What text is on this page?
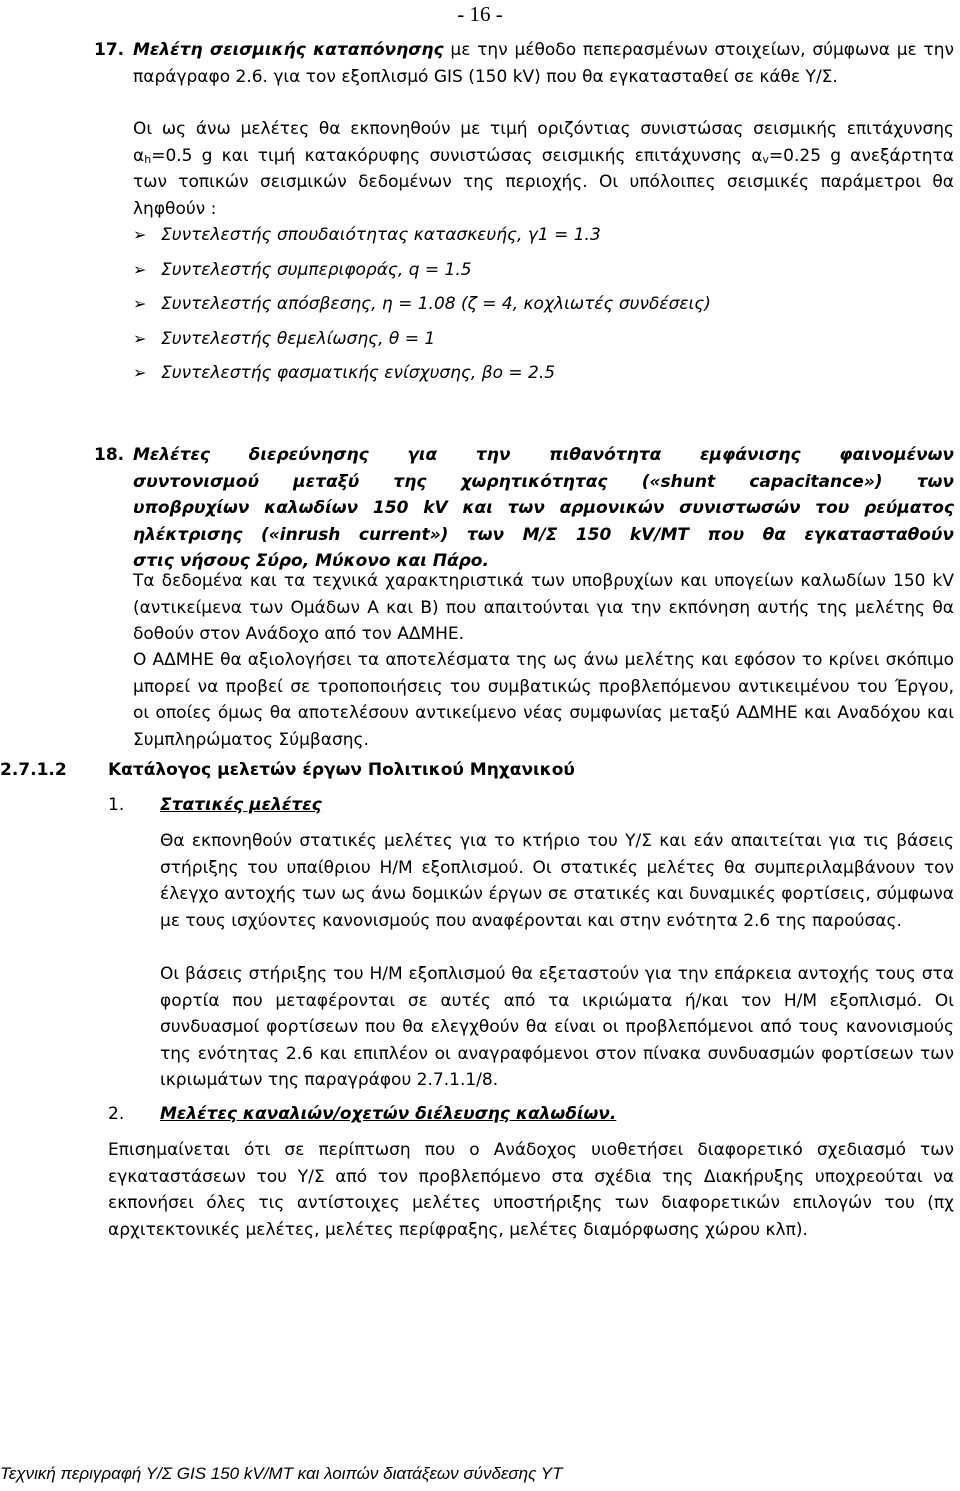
- 16 -
17. Μελέτη σεισμικής καταπόνησης με την μέθοδο πεπερασμένων στοιχείων, σύμφωνα με την παράγραφο 2.6. για τον εξοπλισμό GIS (150 kV) που θα εγκατασταθεί σε κάθε Υ/Σ.
Οι ως άνω μελέτες θα εκπονηθούν με τιμή οριζόντιας συνιστώσας σεισμικής επιτάχυνσης $\alpha_h=0.5$ g και τιμή κατακόρυφης συνιστώσας σεισμικής επιτάχυνσης $\alpha_v=0.25$ g ανεξάρτητα των τοπικών σεισμικών δεδομένων της περιοχής. Οι υπόλοιπες σεισμικές παράμετροι θα ληφθούν :
➢ Συντελεστής σπουδαιότητας κατασκευής, γ1 = 1.3
➢ Συντελεστής συμπεριφοράς, q = 1.5
➢ Συντελεστής απόσβεσης, η = 1.08 (ζ = 4, κοχλιωτές συνδέσεις)
➢ Συντελεστής θεμελίωσης, θ = 1
➢ Συντελεστής φασματικής ενίσχυσης, βο = 2.5
18. Μελέτες διερεύνησης για την πιθανότητα εμφάνισης φαινομένων
συντονισμού μεταξύ της χωρητικότητας («shunt capacitance») των
υποβρυχίων καλωδίων 150 kV και των αρμονικών συνιστωσών του ρεύματος
ηλέκτρισης («inrush current») των Μ/Σ 150 kV/ΜΤ που θα εγκατασταθούν
στις νήσους Σύρο, Μύκονο και Πάρο.
Τα δεδομένα και τα τεχνικά χαρακτηριστικά των υποβρυχίων και υπογείων καλωδίων 150 kV (αντικείμενα των Ομάδων Α και Β) που απαιτούνται για την εκπόνηση αυτής της μελέτης θα δοθούν στον Ανάδοχο από τον ΑΔΜΗΕ.
Ο ΑΔΜΗΕ θα αξιολογήσει τα αποτελέσματα της ως άνω μελέτης και εφόσον το κρίνει σκόπιμο μπορεί να προβεί σε τροποποιήσεις του συμβατικώς προβλεπόμενου αντικειμένου του Έργου, οι οποίες όμως θα αποτελέσουν αντικείμενο νέας συμφωνίας μεταξύ ΑΔΜΗΕ και Αναδόχου και Συμπληρώματος Σύμβασης.
2.7.1.2 Κατάλογος μελετών έργων Πολιτικού Μηχανικού
1. Στατικές μελέτες
Θα εκπονηθούν στατικές μελέτες για το κτήριο του Υ/Σ και εάν απαιτείται για τις βάσεις στήριξης του υπαίθριου Η/Μ εξοπλισμού. Οι στατικές μελέτες θα συμπεριλαμβάνουν τον έλεγχο αντοχής των ως άνω δομικών έργων σε στατικές και δυναμικές φορτίσεις, σύμφωνα με τους ισχύοντες κανονισμούς που αναφέρονται και στην ενότητα 2.6 της παρούσας.
Οι βάσεις στήριξης του Η/Μ εξοπλισμού θα εξεταστούν για την επάρκεια αντοχής τους στα φορτία που μεταφέρονται σε αυτές από τα ικριώματα ή/και τον Η/Μ εξοπλισμό. Οι συνδυασμοί φορτίσεων που θα ελεγχθούν θα είναι οι προβλεπόμενοι από τους κανονισμούς της ενότητας 2.6 και επιπλέον οι αναγραφόμενοι στον πίνακα συνδυασμών φορτίσεων των ικριωμάτων της παραγράφου 2.7.1.1/8.
2. Μελέτες καναλιών/οχετών διέλευσης καλωδίων.
Επισημαίνεται ότι σε περίπτωση που ο Ανάδοχος υιοθετήσει διαφορετικό σχεδιασμό των εγκαταστάσεων του Υ/Σ από τον προβλεπόμενο στα σχέδια της Διακήρυξης υποχρεούται να εκπονήσει όλες τις αντίστοιχες μελέτες υποστήριξης των διαφορετικών επιλογών του (πχ αρχιτεκτονικές μελέτες, μελέτες περίφραξης, μελέτες διαμόρφωσης χώρου κλπ).
Τεχνική περιγραφή Υ/Σ GIS 150 kV/ΜΤ και λοιπών διατάξεων σύνδεσης ΥΤ
